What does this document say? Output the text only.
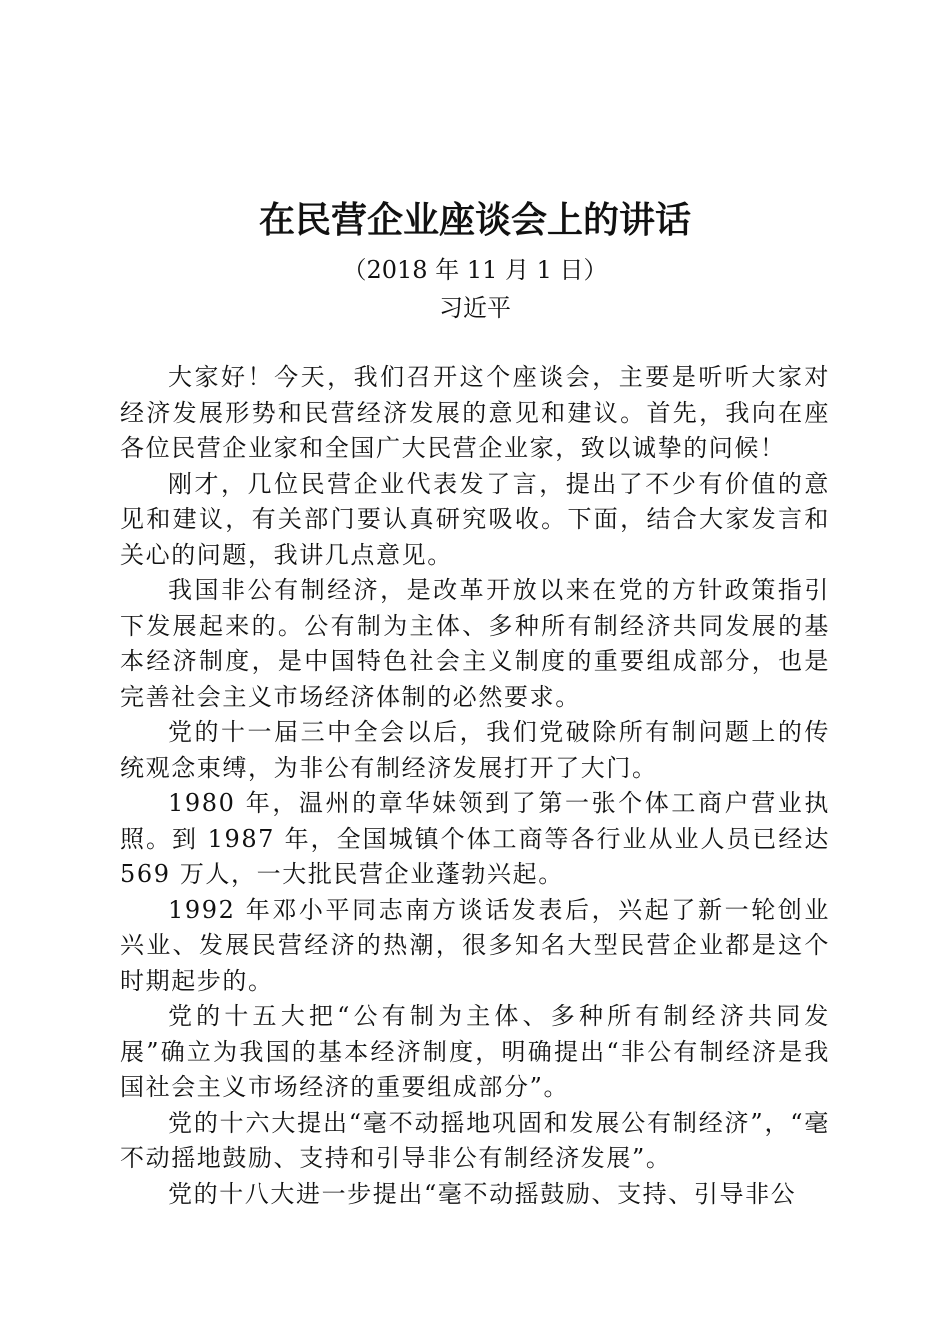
在民营企业座谈会上的讲话
（2018 年 11 月 1 日）
习近平

大家好！今天，我们召开这个座谈会，主要是听听大家对经济发展形势和民营经济发展的意见和建议。首先，我向在座各位民营企业家和全国广大民营企业家，致以诚挚的问候！

刚才，几位民营企业代表发了言，提出了不少有价值的意见和建议，有关部门要认真研究吸收。下面，结合大家发言和关心的问题，我讲几点意见。

我国非公有制经济，是改革开放以来在党的方针政策指引下发展起来的。公有制为主体、多种所有制经济共同发展的基本经济制度，是中国特色社会主义制度的重要组成部分，也是完善社会主义市场经济体制的必然要求。

党的十一届三中全会以后，我们党破除所有制问题上的传统观念束缚，为非公有制经济发展打开了大门。

1980 年，温州的章华妹领到了第一张个体工商户营业执照。到 1987 年，全国城镇个体工商等各行业从业人员已经达 569 万人，一大批民营企业蓬勃兴起。

1992 年邓小平同志南方谈话发表后，兴起了新一轮创业兴业、发展民营经济的热潮，很多知名大型民营企业都是这个时期起步的。

党的十五大把“公有制为主体、多种所有制经济共同发展”确立为我国的基本经济制度，明确提出“非公有制经济是我国社会主义市场经济的重要组成部分”。

党的十六大提出“毫不动摇地巩固和发展公有制经济”，“毫不动摇地鼓励、支持和引导非公有制经济发展”。

党的十八大进一步提出“毫不动摇鼓励、支持、引导非公
